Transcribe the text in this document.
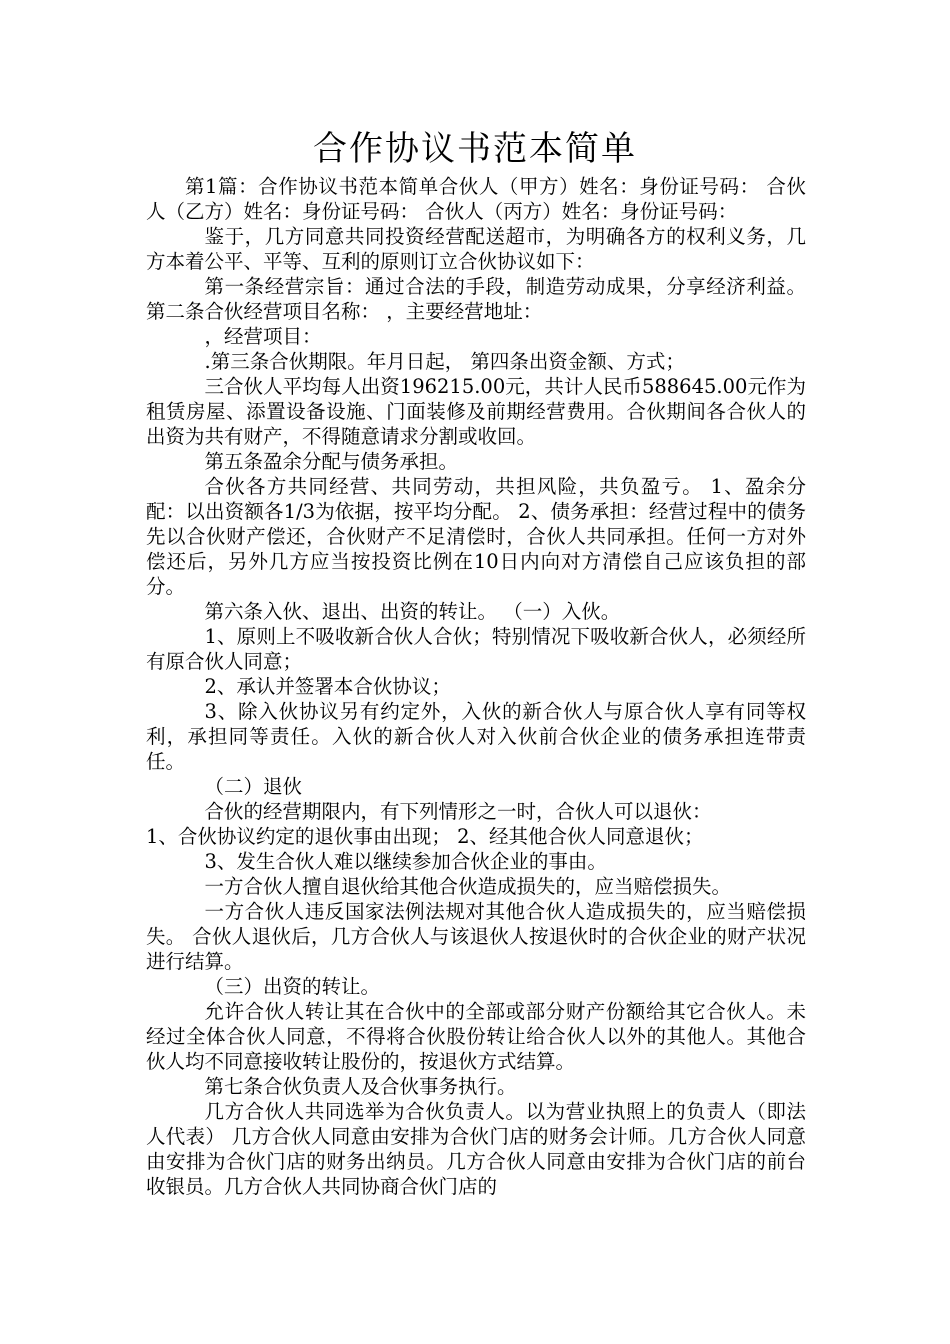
合作协议书范本简单

第1篇：合作协议书范本简单合伙人（甲方）姓名：身份证号码： 合伙人（乙方）姓名：身份证号码： 合伙人（丙方）姓名：身份证号码：

鉴于，几方同意共同投资经营配送超市，为明确各方的权利义务，几方本着公平、平等、互利的原则订立合伙协议如下：

第一条经营宗旨：通过合法的手段，制造劳动成果，分享经济利益。 第二条合伙经营项目名称： ，主要经营地址：

，经营项目：

.第三条合伙期限。年月日起， 第四条出资金额、方式；

三合伙人平均每人出资196215.00元，共计人民币588645.00元作为租赁房屋、添置设备设施、门面装修及前期经营费用。合伙期间各合伙人的出资为共有财产，不得随意请求分割或收回。

第五条盈余分配与债务承担。

合伙各方共同经营、共同劳动，共担风险，共负盈亏。 1、盈余分配：以出资额各1/3为依据，按平均分配。 2、债务承担：经营过程中的债务先以合伙财产偿还，合伙财产不足清偿时，合伙人共同承担。任何一方对外偿还后，另外几方应当按投资比例在10日内向对方清偿自己应该负担的部分。

第六条入伙、退出、出资的转让。 （一）入伙。

1、原则上不吸收新合伙人合伙；特别情况下吸收新合伙人，必须经所有原合伙人同意；

2、承认并签署本合伙协议；

3、除入伙协议另有约定外，入伙的新合伙人与原合伙人享有同等权利，承担同等责任。入伙的新合伙人对入伙前合伙企业的债务承担连带责任。

（二）退伙

合伙的经营期限内，有下列情形之一时，合伙人可以退伙：

1、合伙协议约定的退伙事由出现； 2、经其他合伙人同意退伙；

3、发生合伙人难以继续参加合伙企业的事由。

一方合伙人擅自退伙给其他合伙造成损失的，应当赔偿损失。

一方合伙人违反国家法例法规对其他合伙人造成损失的，应当赔偿损失。 合伙人退伙后，几方合伙人与该退伙人按退伙时的合伙企业的财产状况进行结算。

（三）出资的转让。

允许合伙人转让其在合伙中的全部或部分财产份额给其它合伙人。未经过全体合伙人同意，不得将合伙股份转让给合伙人以外的其他人。其他合伙人均不同意接收转让股份的，按退伙方式结算。

第七条合伙负责人及合伙事务执行。

几方合伙人共同选举为合伙负责人。以为营业执照上的负责人（即法人代表） 几方合伙人同意由安排为合伙门店的财务会计师。几方合伙人同意由安排为合伙门店的财务出纳员。几方合伙人同意由安排为合伙门店的前台收银员。几方合伙人共同协商合伙门店的
